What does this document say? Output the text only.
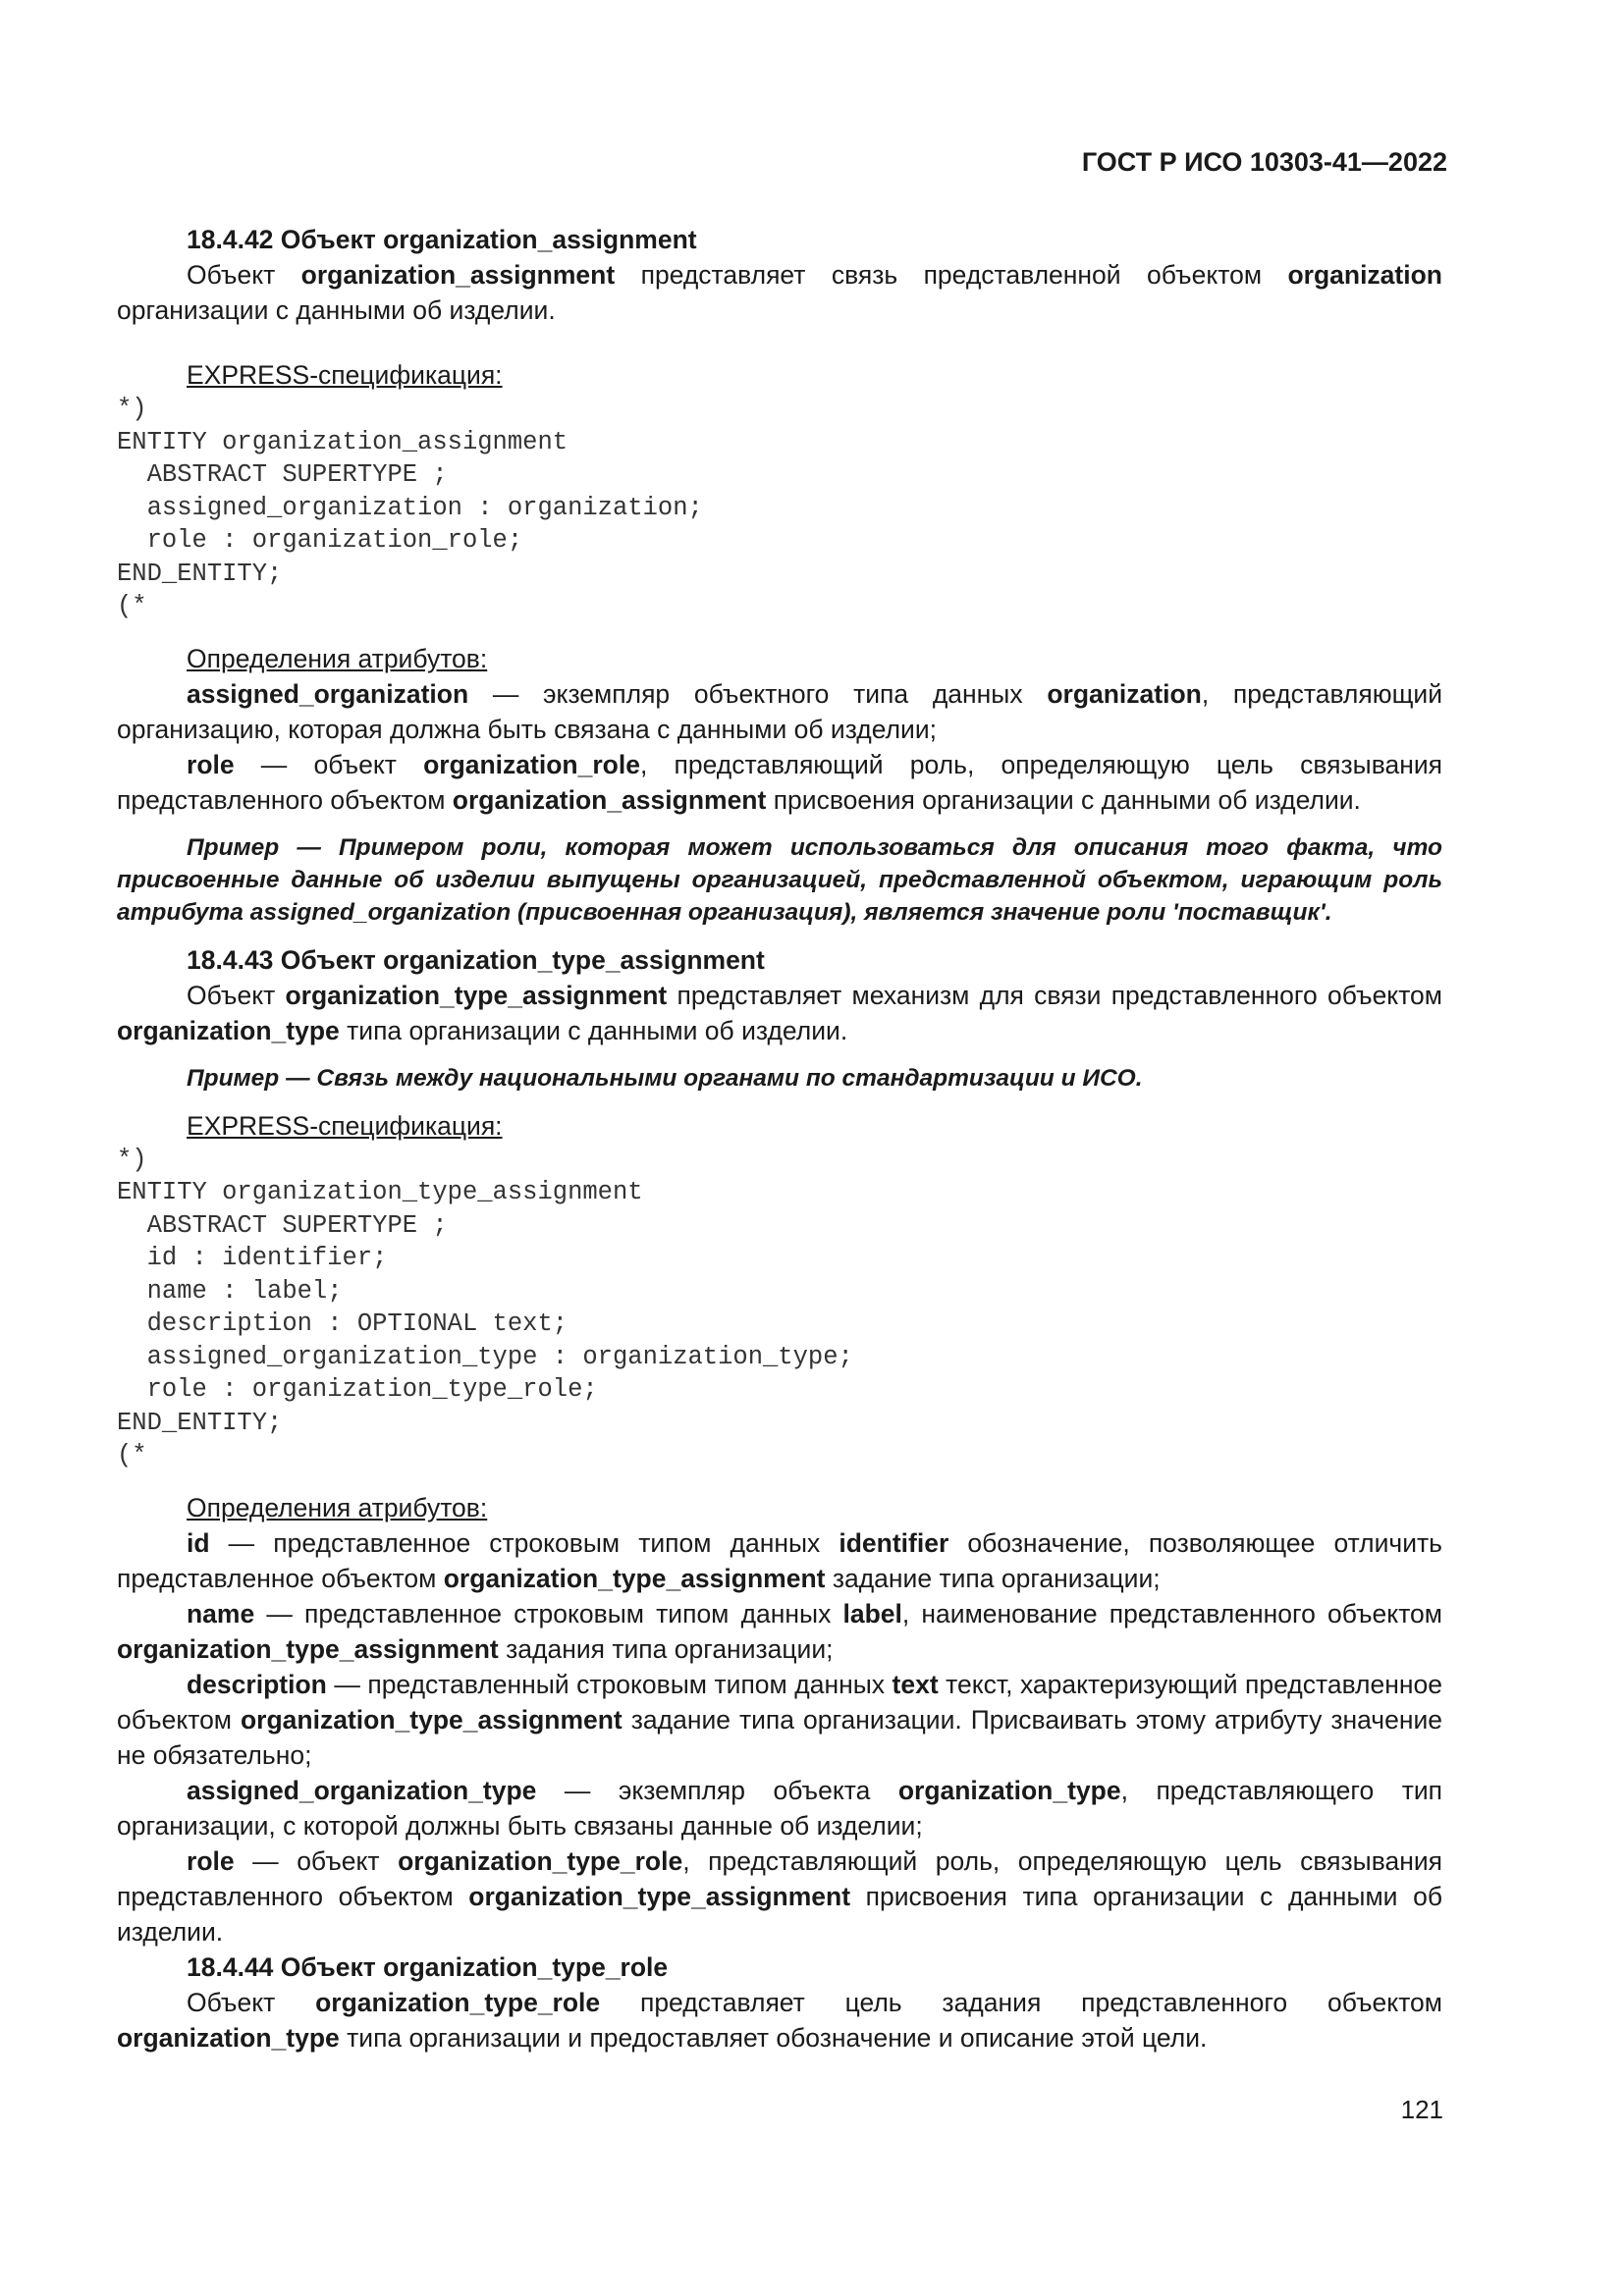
ГОСТ Р ИСО 10303-41—2022

18.4.42 Объект organization_assignment

Объект organization_assignment представляет связь представленной объектом organization организации с данными об изделии.

EXPRESS-спецификация:

*)
ENTITY organization_assignment
ABSTRACT SUPERTYPE ;
assigned_organization : organization;
role : organization_role;
END_ENTITY;
(*

Определения атрибутов:

assigned_organization — экземпляр объектного типа данных organization, представляющий организацию, которая должна быть связана с данными об изделии;

role — объект organization_role, представляющий роль, определяющую цель связывания представленного объектом organization_assignment присвоения организации с данными об изделии.

Пример — Примером роли, которая может использоваться для описания того факта, что присвоенные данные об изделии выпущены организацией, представленной объектом, играющим роль атрибута assigned_organization (присвоенная организация), является значение роли 'поставщик'.

18.4.43 Объект organization_type_assignment

Объект organization_type_assignment представляет механизм для связи представленного объектом organization_type типа организации с данными об изделии.

Пример — Связь между национальными органами по стандартизации и ИСО.

EXPRESS-спецификация:

*)
ENTITY organization_type_assignment
ABSTRACT SUPERTYPE ;
id : identifier;
name : label;
description : OPTIONAL text;
assigned_organization_type : organization_type;
role : organization_type_role;
END_ENTITY;
(*

Определения атрибутов:

id — представленное строковым типом данных identifier обозначение, позволяющее отличить представленное объектом organization_type_assignment задание типа организации;

name — представленное строковым типом данных label, наименование представленного объектом organization_type_assignment задания типа организации;

description — представленный строковым типом данных text текст, характеризующий представленное объектом organization_type_assignment задание типа организации. Присваивать этому атрибуту значение не обязательно;

assigned_organization_type — экземпляр объекта organization_type, представляющего тип организации, с которой должны быть связаны данные об изделии;

role — объект organization_type_role, представляющий роль, определяющую цель связывания представленного объектом organization_type_assignment присвоения типа организации с данными об изделии.

18.4.44 Объект organization_type_role

Объект organization_type_role представляет цель задания представленного объектом organization_type типа организации и предоставляет обозначение и описание этой цели.

121
